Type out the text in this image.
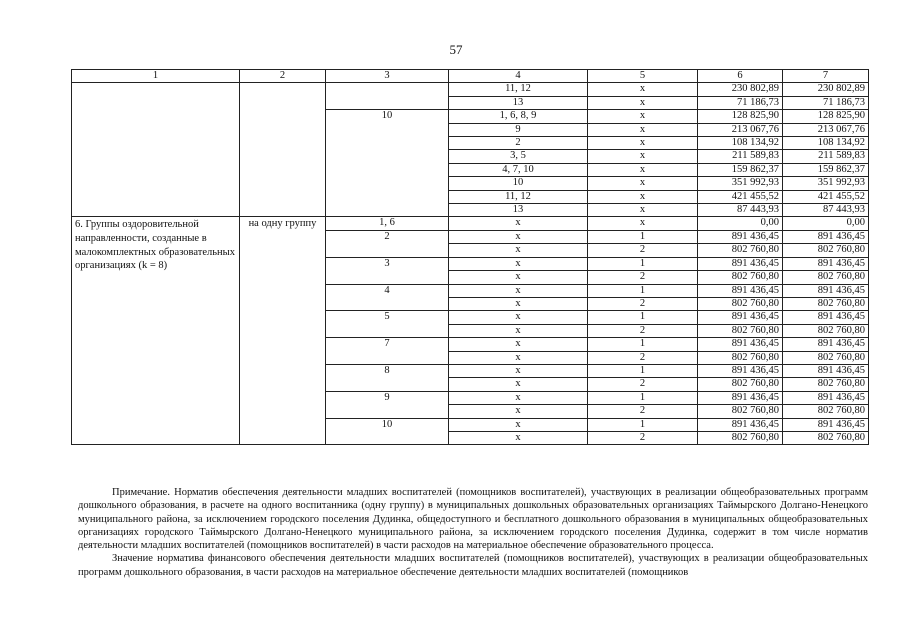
57
1	2	3	4	5	6	7
			11, 12	x	230 802,89	230 802,89
			13	x	71 186,73	71 186,73
		10	1, 6, 8, 9	x	128 825,90	128 825,90
			9	x	213 067,76	213 067,76
			2	x	108 134,92	108 134,92
			3, 5	x	211 589,83	211 589,83
			4, 7, 10	x	159 862,37	159 862,37
			10	x	351 992,93	351 992,93
			11, 12	x	421 455,52	421 455,52
			13	x	87 443,93	87 443,93
6. Группы оздоровительной направленности, созданные в малокомплектных образовательных организациях (k = 8)	на одну группу	1, 6	x	x	0,00	0,00
		2	x	1	891 436,45	891 436,45
			x	2	802 760,80	802 760,80
		3	x	1	891 436,45	891 436,45
			x	2	802 760,80	802 760,80
		4	x	1	891 436,45	891 436,45
			x	2	802 760,80	802 760,80
		5	x	1	891 436,45	891 436,45
			x	2	802 760,80	802 760,80
		7	x	1	891 436,45	891 436,45
			x	2	802 760,80	802 760,80
		8	x	1	891 436,45	891 436,45
			x	2	802 760,80	802 760,80
		9	x	1	891 436,45	891 436,45
			x	2	802 760,80	802 760,80
		10	x	1	891 436,45	891 436,45
			x	2	802 760,80	802 760,80

Примечание. Норматив обеспечения деятельности младших воспитателей (помощников воспитателей), участвующих в реализации общеобразовательных программ дошкольного образования, в расчете на одного воспитанника (одну группу) в муниципальных дошкольных образовательных организациях Таймырского Долгано-Ненецкого муниципального района, за исключением городского поселения Дудинка, общедоступного и бесплатного дошкольного образования в муниципальных общеобразовательных организациях городского Таймырского Долгано-Ненецкого муниципального района, за исключением городского поселения Дудинка, содержит в том числе норматив деятельности младших воспитателей (помощников воспитателей) в части расходов на материальное обеспечение образовательного процесса.

Значение норматива финансового обеспечения деятельности младших воспитателей (помощников воспитателей), участвующих в реализации общеобразовательных программ дошкольного образования, в части расходов на материальное обеспечение деятельности младших воспитателей (помощников
